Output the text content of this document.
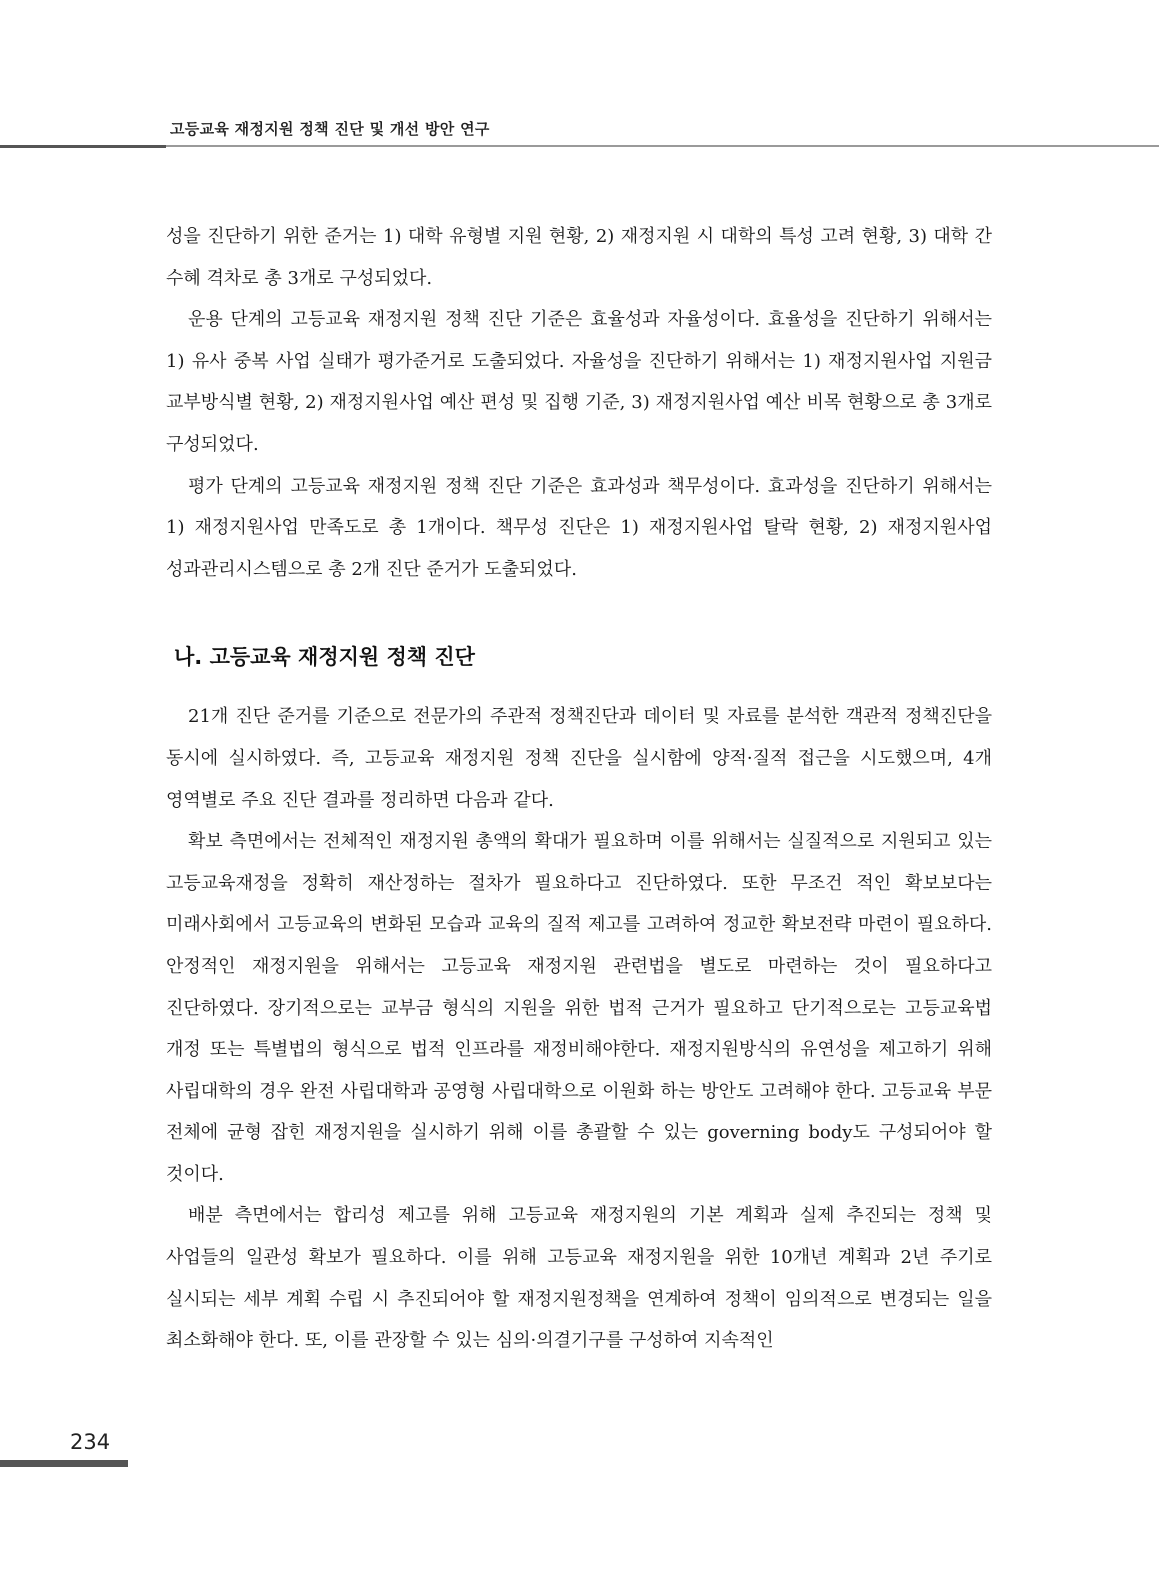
고등교육 재정지원 정책 진단 및 개선 방안 연구

성을 진단하기 위한 준거는 1) 대학 유형별 지원 현황, 2) 재정지원 시 대학의 특성 고려 현황, 3) 대학 간 수혜 격차로 총 3개로 구성되었다.

운용 단계의 고등교육 재정지원 정책 진단 기준은 효율성과 자율성이다. 효율성을 진단하기 위해서는 1) 유사 중복 사업 실태가 평가준거로 도출되었다. 자율성을 진단하기 위해서는 1) 재정지원사업 지원금 교부방식별 현황, 2) 재정지원사업 예산 편성 및 집행 기준, 3) 재정지원사업 예산 비목 현황으로 총 3개로 구성되었다.

평가 단계의 고등교육 재정지원 정책 진단 기준은 효과성과 책무성이다. 효과성을 진단하기 위해서는 1) 재정지원사업 만족도로 총 1개이다. 책무성 진단은 1) 재정지원사업 탈락 현황, 2) 재정지원사업 성과관리시스템으로 총 2개 진단 준거가 도출되었다.

나. 고등교육 재정지원 정책 진단

21개 진단 준거를 기준으로 전문가의 주관적 정책진단과 데이터 및 자료를 분석한 객관적 정책진단을 동시에 실시하였다. 즉, 고등교육 재정지원 정책 진단을 실시함에 양적·질적 접근을 시도했으며, 4개 영역별로 주요 진단 결과를 정리하면 다음과 같다.

확보 측면에서는 전체적인 재정지원 총액의 확대가 필요하며 이를 위해서는 실질적으로 지원되고 있는 고등교육재정을 정확히 재산정하는 절차가 필요하다고 진단하였다. 또한 무조건 적인 확보보다는 미래사회에서 고등교육의 변화된 모습과 교육의 질적 제고를 고려하여 정교한 확보전략 마련이 필요하다. 안정적인 재정지원을 위해서는 고등교육 재정지원 관련법을 별도로 마련하는 것이 필요하다고 진단하였다. 장기적으로는 교부금 형식의 지원을 위한 법적 근거가 필요하고 단기적으로는 고등교육법 개정 또는 특별법의 형식으로 법적 인프라를 재정비해야한다. 재정지원방식의 유연성을 제고하기 위해 사립대학의 경우 완전 사립대학과 공영형 사립대학으로 이원화 하는 방안도 고려해야 한다. 고등교육 부문 전체에 균형 잡힌 재정지원을 실시하기 위해 이를 총괄할 수 있는 governing body도 구성되어야 할 것이다.

배분 측면에서는 합리성 제고를 위해 고등교육 재정지원의 기본 계획과 실제 추진되는 정책 및 사업들의 일관성 확보가 필요하다. 이를 위해 고등교육 재정지원을 위한 10개년 계획과 2년 주기로 실시되는 세부 계획 수립 시 추진되어야 할 재정지원정책을 연계하여 정책이 임의적으로 변경되는 일을 최소화해야 한다. 또, 이를 관장할 수 있는 심의·의결기구를 구성하여 지속적인

234
